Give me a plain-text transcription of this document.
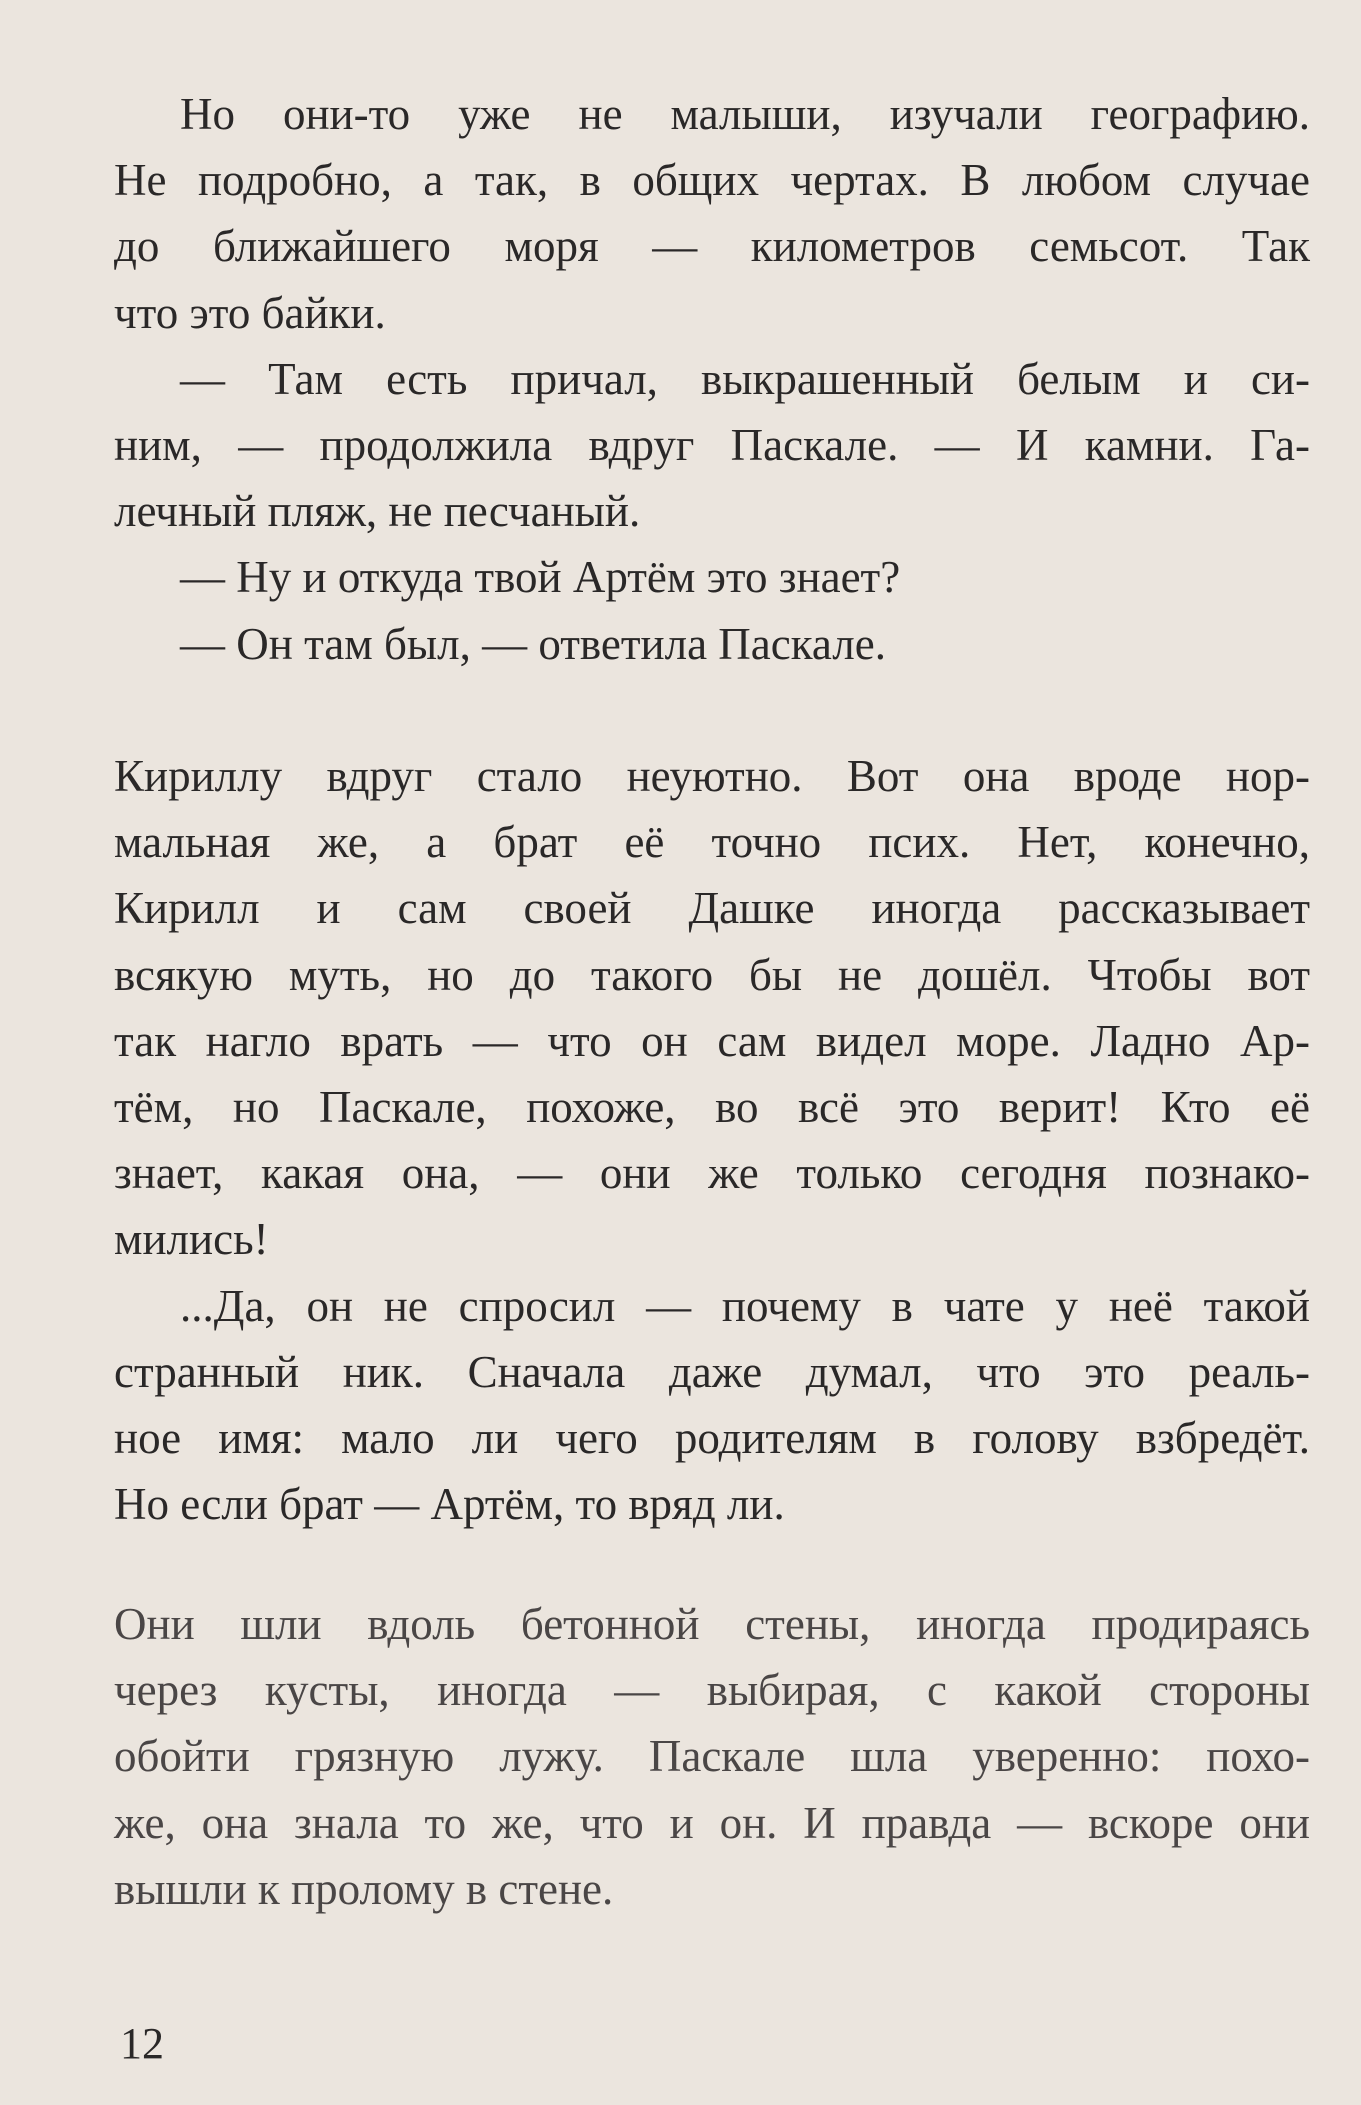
Но они-то уже не малыши, изучали географию.
Не подробно, а так, в общих чертах. В любом случае
до ближайшего моря — километров семьсот. Так
что это байки.
— Там есть причал, выкрашенный белым и си-
ним, — продолжила вдруг Паскале. — И камни. Га-
лечный пляж, не песчаный.
— Ну и откуда твой Артём это знает?
— Он там был, — ответила Паскале.
Кириллу вдруг стало неуютно. Вот она вроде нор-
мальная же, а брат её точно псих. Нет, конечно,
Кирилл и сам своей Дашке иногда рассказывает
всякую муть, но до такого бы не дошёл. Чтобы вот
так нагло врать — что он сам видел море. Ладно Ар-
тём, но Паскале, похоже, во всё это верит! Кто её
знает, какая она, — они же только сегодня познако-
мились!
...Да, он не спросил — почему в чате у неё такой
странный ник. Сначала даже думал, что это реаль-
ное имя: мало ли чего родителям в голову взбредёт.
Но если брат — Артём, то вряд ли.
Они шли вдоль бетонной стены, иногда продираясь
через кусты, иногда — выбирая, с какой стороны
обойти грязную лужу. Паскале шла уверенно: похо-
же, она знала то же, что и он. И правда — вскоре они
вышли к пролому в стене.
12
